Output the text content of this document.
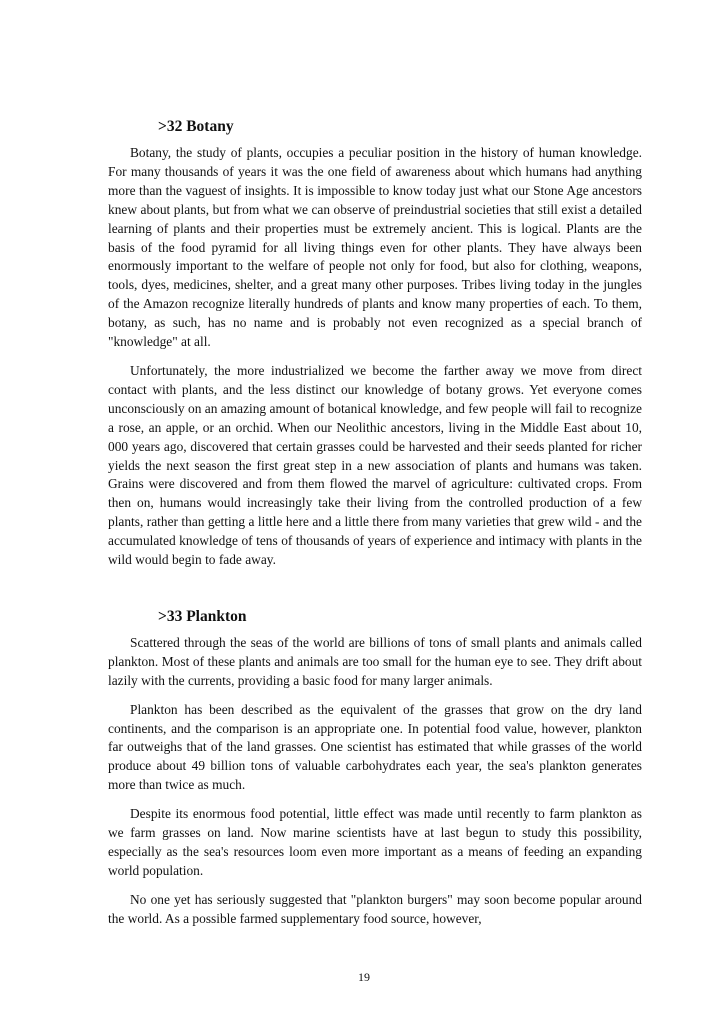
>32 Botany

Botany, the study of plants, occupies a peculiar position in the history of human knowledge. For many thousands of years it was the one field of awareness about which humans had anything more than the vaguest of insights. It is impossible to know today just what our Stone Age ancestors knew about plants, but from what we can observe of preindustrial societies that still exist a detailed learning of plants and their properties must be extremely ancient. This is logical. Plants are the basis of the food pyramid for all living things even for other plants. They have always been enormously important to the welfare of people not only for food, but also for clothing, weapons, tools, dyes, medicines, shelter, and a great many other purposes. Tribes living today in the jungles of the Amazon recognize literally hundreds of plants and know many properties of each. To them, botany, as such, has no name and is probably not even recognized as a special branch of "knowledge" at all.

Unfortunately, the more industrialized we become the farther away we move from direct contact with plants, and the less distinct our knowledge of botany grows. Yet everyone comes unconsciously on an amazing amount of botanical knowledge, and few people will fail to recognize a rose, an apple, or an orchid. When our Neolithic ancestors, living in the Middle East about 10, 000 years ago, discovered that certain grasses could be harvested and their seeds planted for richer yields the next season the first great step in a new association of plants and humans was taken. Grains were discovered and from them flowed the marvel of agriculture: cultivated crops. From then on, humans would increasingly take their living from the controlled production of a few plants, rather than getting a little here and a little there from many varieties that grew wild - and the accumulated knowledge of tens of thousands of years of experience and intimacy with plants in the wild would begin to fade away.

>33 Plankton

Scattered through the seas of the world are billions of tons of small plants and animals called plankton. Most of these plants and animals are too small for the human eye to see. They drift about lazily with the currents, providing a basic food for many larger animals.

Plankton has been described as the equivalent of the grasses that grow on the dry land continents, and the comparison is an appropriate one. In potential food value, however, plankton far outweighs that of the land grasses. One scientist has estimated that while grasses of the world produce about 49 billion tons of valuable carbohydrates each year, the sea's plankton generates more than twice as much.

Despite its enormous food potential, little effect was made until recently to farm plankton as we farm grasses on land. Now marine scientists have at last begun to study this possibility, especially as the sea's resources loom even more important as a means of feeding an expanding world population.

No one yet has seriously suggested that "plankton burgers" may soon become popular around the world. As a possible farmed supplementary food source, however,

19
